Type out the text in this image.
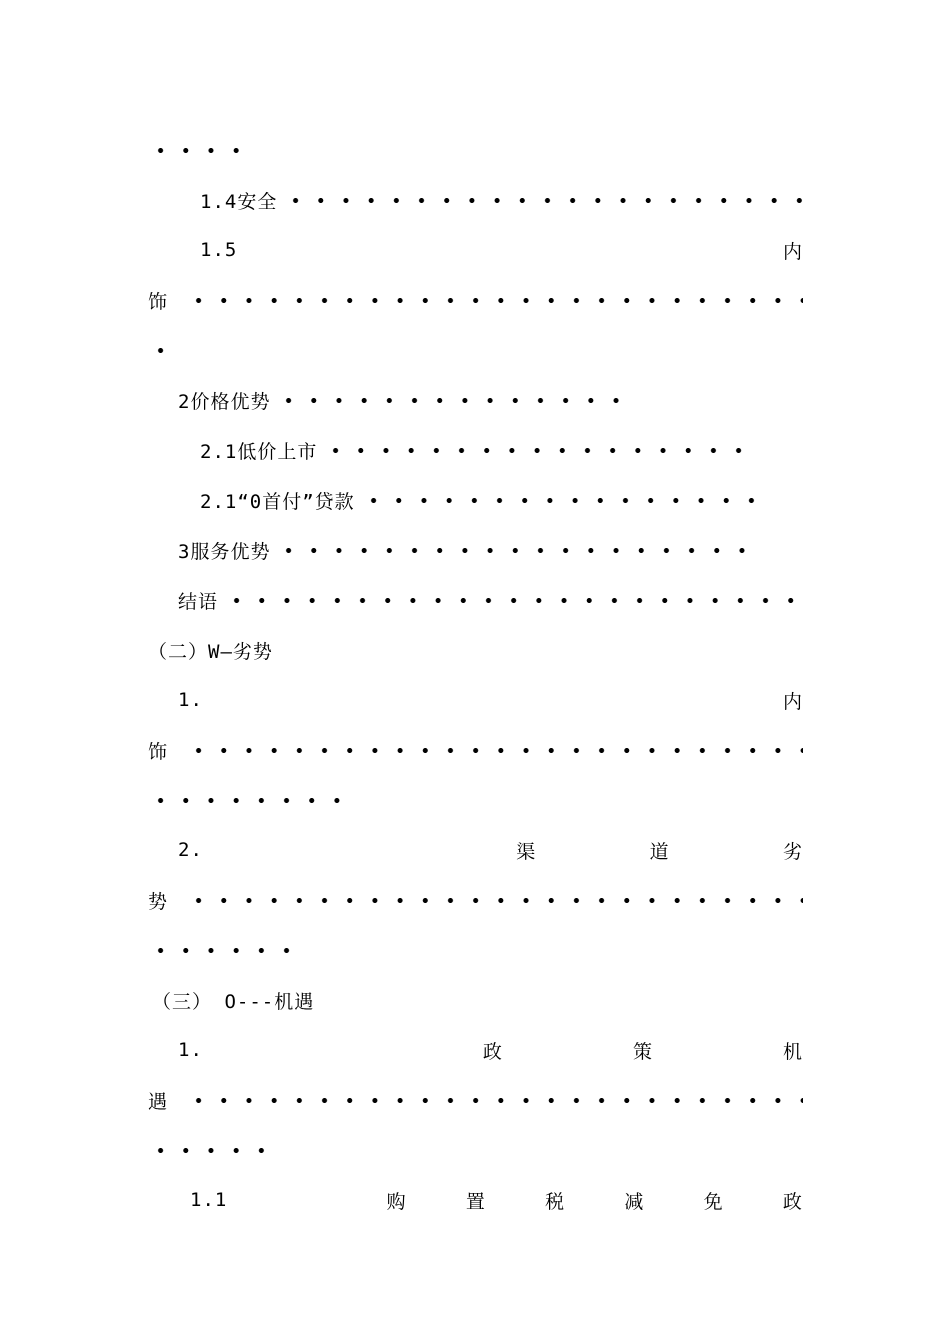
1.4安全
1.5	内
饰
2价格优势
2.1低价上市
2.1“0首付”贷款
3服务优势
结语
（二）W—劣势
1.	内
饰
2.	渠	道	劣
势
（三） O---机遇
1.	政	策	机
遇
1.1	购	置	税	减	免	政
